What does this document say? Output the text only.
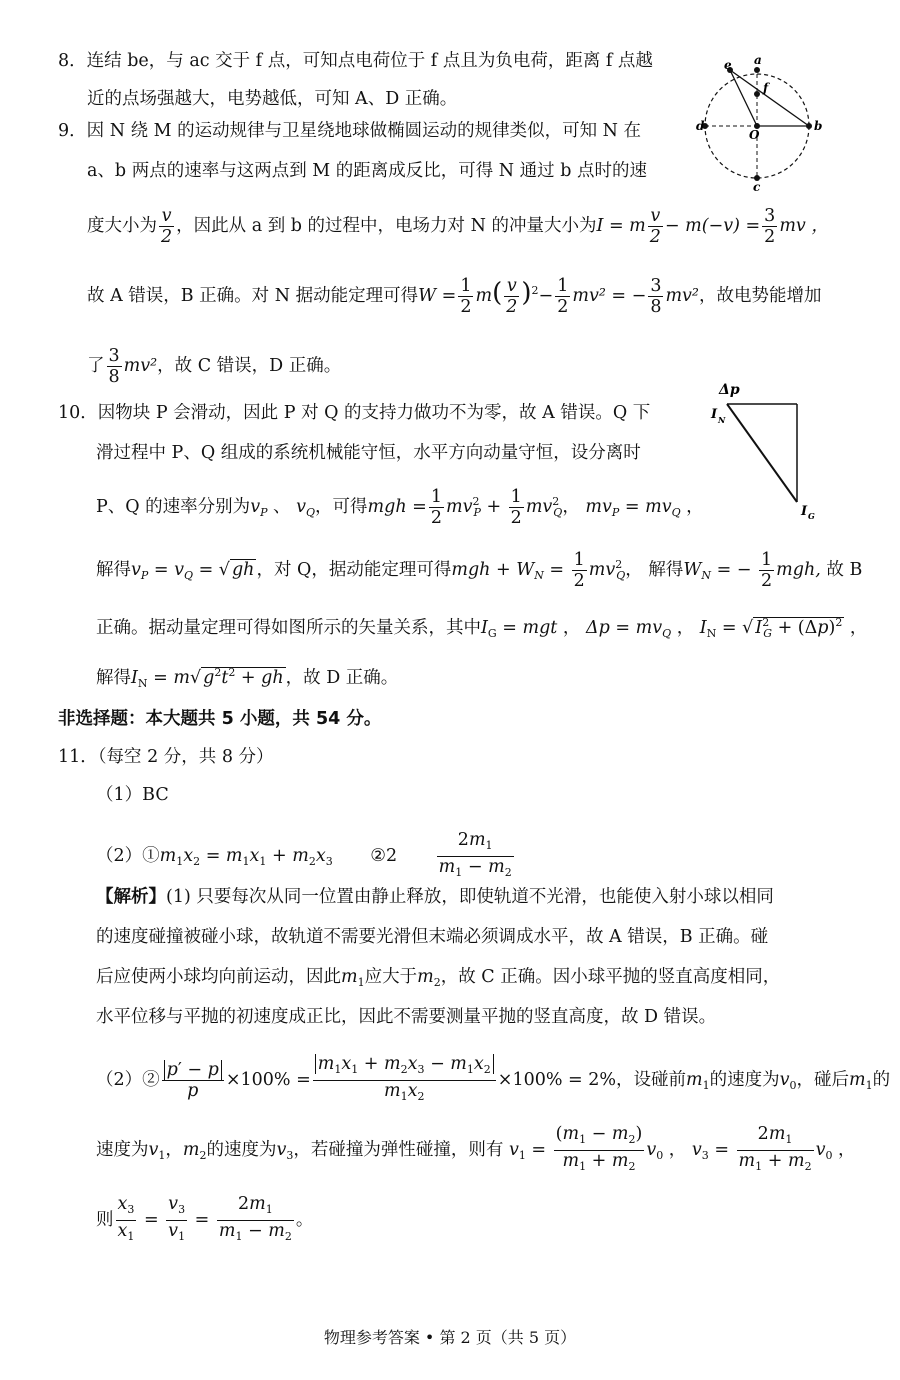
8．连结 be，与 ac 交于 f 点，可知点电荷位于 f 点且为负电荷，距离 f 点越
近的点场强越大，电势越低，可知 A、D 正确。
a
e
f
O
b
d
c
9．因 N 绕 M 的运动规律与卫星绕地球做椭圆运动的规律类似，可知 N 在
a、b 两点的速率与这两点到 M 的距离成反比，可得 N 通过 b 点时的速
度大小为 $\frac{v}{2}$ ，因此从 a 到 b 的过程中，电场力对 N 的冲量大小为I = m $\frac{v}{2} - m(-v) = \frac{3}{2}$ mv ，
故 A 错误，B 正确。对 N 据动能定理可得$W = \frac{1}{2} m( \frac{v}{2} )^2- \frac{1}{2} mv^2$ = − $\frac{3}{8} mv^2$，故电势能增加
了 $\frac{3}{8} mv^2$，故 C 错误，D 正确。
Δp
I N
I G
10．因物块 P 会滑动，因此 P 对 Q 的支持力做功不为零，故 A 错误。Q 下
滑过程中 P、Q 组成的系统机械能守恒，水平方向动量守恒，设分离时
P、Q 的速率分别为$v_P$ 、 $v_Q$，可得mgh = $\frac{1}{2} mv^2_P + \frac{1}{2} mv^2_Q$， $mv_P = mv_Q$ ，
解得$v_P = v_Q$ = √ gh ，对 Q，据动能定理可得mgh + $W_N = \frac{1}{2} mv^2_Q$， 解得$W_N$ = − $\frac{1}{2}$ mgh, 故 B
正确。据动量定理可得如图所示的矢量关系，其中$I_G$ = mgt ， $\Delta p = mv_Q$ ， $I_N$ = √ $I^2_G + (\Delta p)^2$ ，
解得$I_N = m√$ $g^2t^2$ + gh ，故 D 正确。
非选择题：本大题共 5 小题，共 54 分。
11．（每空 2 分，共 8 分）
（1）BC
$(2)①m_1x_2 = m_1x_1 + m_2x_3$ ②2 $\frac{2m_1}{m_1 - m_2}$
【解析】(1) 只要每次从同一位置由静止释放，即使轨道不光滑，也能使入射小球以相同
的速度碰撞被碰小球，故轨道不需要光滑但末端必须调成水平，故 A 错误，B 正确。碰
后应使两小球均向前运动，因此$m_1$应大于$m_2$，故 C 正确。因小球平抛的竖直高度相同，
水平位移与平抛的初速度成正比，因此不需要测量平抛的竖直高度，故 D 错误。
（2）② $\frac{p' - p}{p} \times 100\% = \frac{m_1x_1 + m_2x_3 - m_1x_2}{m_1x_2} \times 100\% = 2\%$，设碰前$m_1$的速度为$v_0$，碰后$m_1$的
速度为$v_1$，$m_2$的速度为$v_3$，若碰撞为弹性碰撞，则有 $v_1 = \frac{(m_1 - m_2)}{m_1 + m_2} v_0$ ， $v_3 = \frac{2m_1}{m_1 + m_2} v_0$ ，
则 $\frac{x_3}{x_1} = \frac{v_3}{v_1} = \frac{2m_1}{m_1 - m_2}$ 。
物理参考答案 • 第 2 页（共 5 页）
